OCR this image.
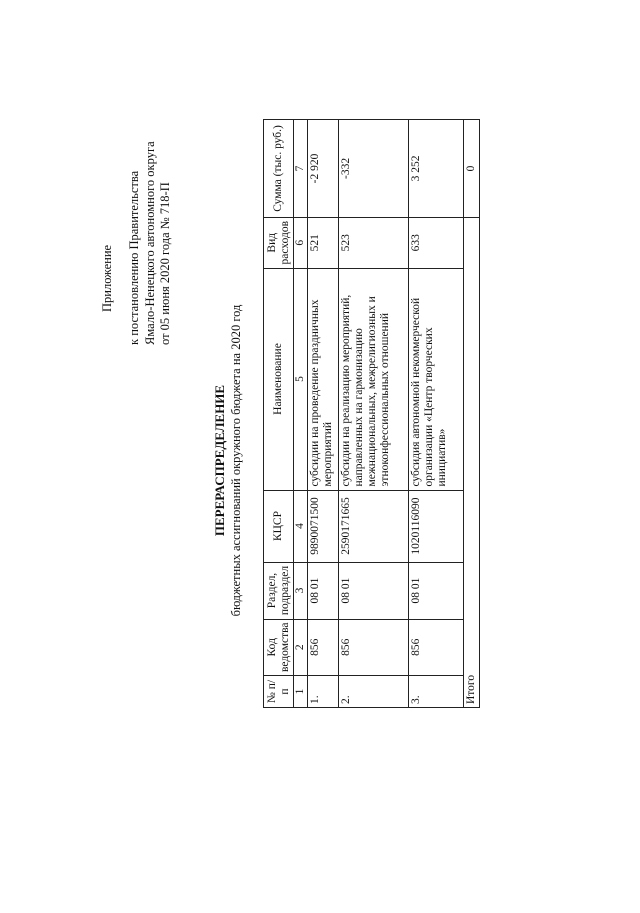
Приложение к постановлению Правительства Ямало-Ненецкого автономного округа от 05 июня 2020 года № 718-П
ПЕРЕРАСПРЕДЕЛЕНИЕ бюджетных ассигнований окружного бюджета на 2020 год
№ п/п	Код ведомства	Раздел, подраздел	КЦСР	Наименование	Вид расходов	Сумма (тыс. руб.)
1	2	3	4	5	6	7
1.	856	08 01	9890071500	субсидии на проведение праздничных мероприятий	521	-2 920
2.	856	08 01	2590171665	субсидии на реализацию мероприятий, направленных на гармонизацию межнациональных, межрелигиозных и этноконфессиональных отношений	523	-332
3.	856	08 01	1020116090	субсидия автономной некоммерческой организации «Центр творческих инициатив»	633	3 252
Итого						0
